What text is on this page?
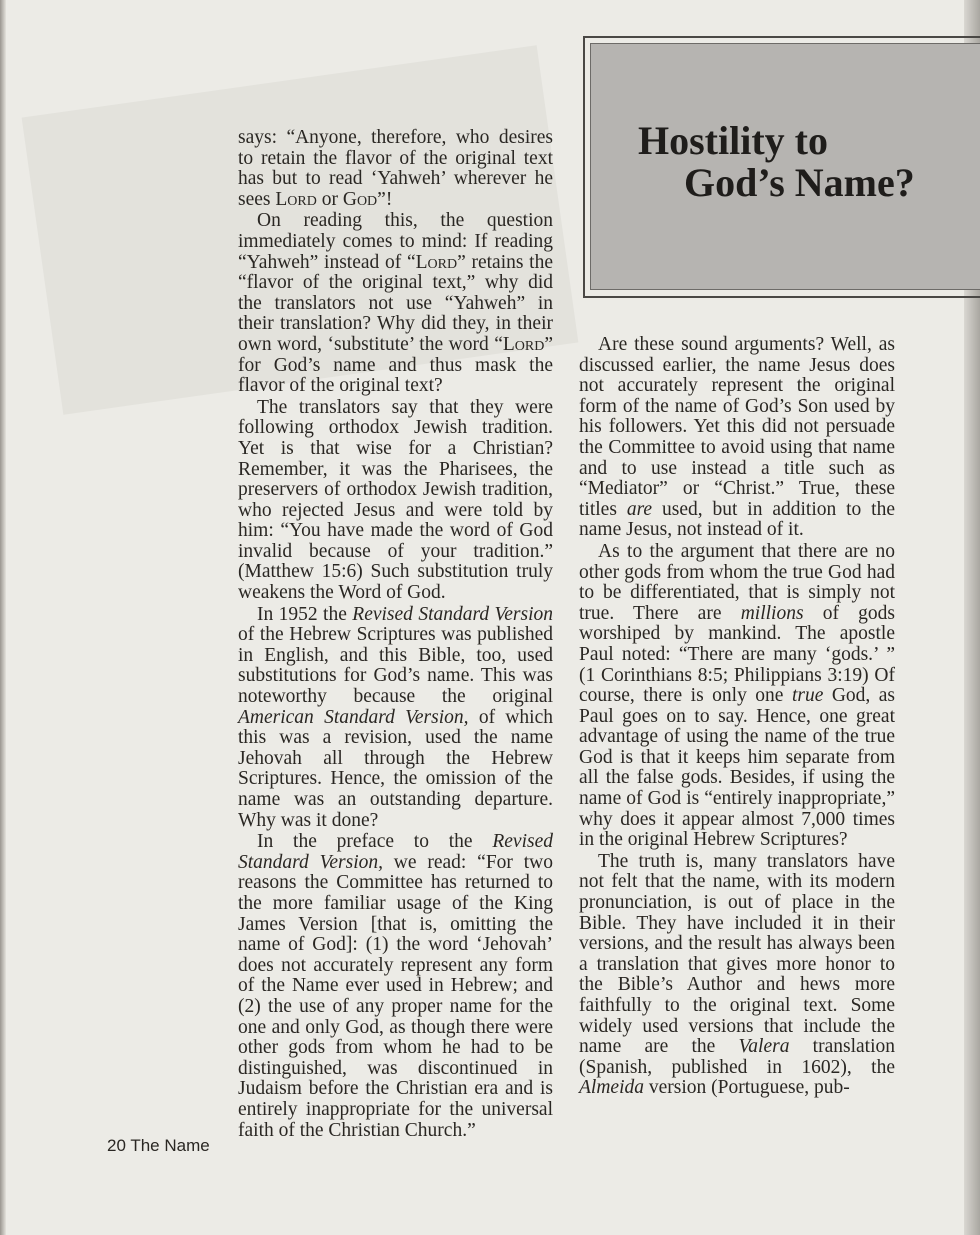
Hostility to
God’s Name?

says: “Anyone, therefore, who desires to retain the flavor of the original text has but to read ‘Yahweh’ wherever he sees Lord or God”!

On reading this, the question immediately comes to mind: If reading “Yahweh” instead of “Lord” retains the “flavor of the original text,” why did the translators not use “Yahweh” in their translation? Why did they, in their own word, ‘substitute’ the word “Lord” for God’s name and thus mask the flavor of the original text?

The translators say that they were following orthodox Jewish tradition. Yet is that wise for a Christian? Remember, it was the Pharisees, the preservers of orthodox Jewish tradition, who rejected Jesus and were told by him: “You have made the word of God invalid because of your tradition.” (Matthew 15:6) Such substitution truly weakens the Word of God.

In 1952 the Revised Standard Version of the Hebrew Scriptures was published in English, and this Bible, too, used substitutions for God’s name. This was noteworthy because the original American Standard Version, of which this was a revision, used the name Jehovah all through the Hebrew Scriptures. Hence, the omission of the name was an outstanding departure. Why was it done?

In the preface to the Revised Standard Version, we read: “For two reasons the Committee has returned to the more familiar usage of the King James Version [that is, omitting the name of God]: (1) the word ‘Jehovah’ does not accurately represent any form of the Name ever used in Hebrew; and (2) the use of any proper name for the one and only God, as though there were other gods from whom he had to be distinguished, was discontinued in Judaism before the Christian era and is entirely inappropriate for the universal faith of the Christian Church.”

Are these sound arguments? Well, as discussed earlier, the name Jesus does not accurately represent the original form of the name of God’s Son used by his followers. Yet this did not persuade the Committee to avoid using that name and to use instead a title such as “Mediator” or “Christ.” True, these titles are used, but in addition to the name Jesus, not instead of it.

As to the argument that there are no other gods from whom the true God had to be differentiated, that is simply not true. There are millions of gods worshiped by mankind. The apostle Paul noted: “There are many ‘gods.’ ” (1 Corinthians 8:5; Philippians 3:19) Of course, there is only one true God, as Paul goes on to say. Hence, one great advantage of using the name of the true God is that it keeps him separate from all the false gods. Besides, if using the name of God is “entirely inappropriate,” why does it appear almost 7,000 times in the original Hebrew Scriptures?

The truth is, many translators have not felt that the name, with its modern pronunciation, is out of place in the Bible. They have included it in their versions, and the result has always been a translation that gives more honor to the Bible’s Author and hews more faithfully to the original text. Some widely used versions that include the name are the Valera translation (Spanish, published in 1602), the Almeida version (Portuguese, pub-

20 The Name
